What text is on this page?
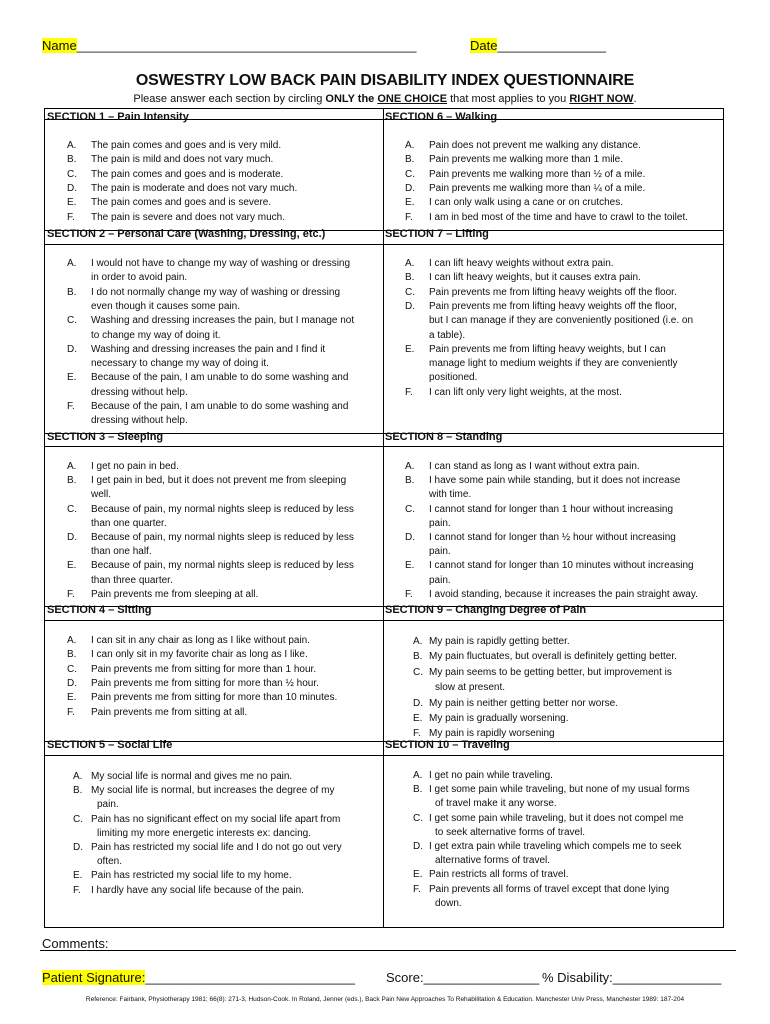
Name_______________________________________________	Date_______________
OSWESTRY LOW BACK PAIN DISABILITY INDEX QUESTIONNAIRE
Please answer each section by circling ONLY the ONE CHOICE that most applies to you RIGHT NOW.
SECTION 1 – Pain Intensity
A. The pain comes and goes and is very mild.
B. The pain is mild and does not vary much.
C. The pain comes and goes and is moderate.
D. The pain is moderate and does not vary much.
E. The pain comes and goes and is severe.
F. The pain is severe and does not vary much.
SECTION 2 – Personal Care (Washing, Dressing, etc.)
A. I would not have to change my way of washing or dressing
in order to avoid pain.
B. I do not normally change my way of washing or dressing
even though it causes some pain.
C. Washing and dressing increases the pain, but I manage not
to change my way of doing it.
D. Washing and dressing increases the pain and I find it
necessary to change my way of doing it.
E. Because of the pain, I am unable to do some washing and
dressing without help.
F. Because of the pain, I am unable to do some washing and
dressing without help.
SECTION 3 – Sleeping
A. I get no pain in bed.
B. I get pain in bed, but it does not prevent me from sleeping
well.
C. Because of pain, my normal nights sleep is reduced by less
than one quarter.
D. Because of pain, my normal nights sleep is reduced by less
than one half.
E. Because of pain, my normal nights sleep is reduced by less
than three quarter.
F. Pain prevents me from sleeping at all.
SECTION 4 – Sitting
A. I can sit in any chair as long as I like without pain.
B. I can only sit in my favorite chair as long as I like.
C. Pain prevents me from sitting for more than 1 hour.
D. Pain prevents me from sitting for more than ½ hour.
E. Pain prevents me from sitting for more than 10 minutes.
F. Pain prevents me from sitting at all.
SECTION 5 – Social Life
A. My social life is normal and gives me no pain.
B. My social life is normal, but increases the degree of my
pain.
C. Pain has no significant effect on my social life apart from
limiting my more energetic interests ex: dancing.
D. Pain has restricted my social life and I do not go out very
often.
E. Pain has restricted my social life to my home.
F. I hardly have any social life because of the pain.
SECTION 6 – Walking
A. Pain does not prevent me walking any distance.
B. Pain prevents me walking more than 1 mile.
C. Pain prevents me walking more than ½ of a mile.
D. Pain prevents me walking more than ¼ of a mile.
E. I can only walk using a cane or on crutches.
F. I am in bed most of the time and have to crawl to the toilet.
SECTION 7 – Lifting
A. I can lift heavy weights without extra pain.
B. I can lift heavy weights, but it causes extra pain.
C. Pain prevents me from lifting heavy weights off the floor.
D. Pain prevents me from lifting heavy weights off the floor,
but I can manage if they are conveniently positioned (i.e. on
a table).
E. Pain prevents me from lifting heavy weights, but I can
manage light to medium weights if they are conveniently
positioned.
F. I can lift only very light weights, at the most.
SECTION 8 – Standing
A. I can stand as long as I want without extra pain.
B. I have some pain while standing, but it does not increase
with time.
C. I cannot stand for longer than 1 hour without increasing
pain.
D. I cannot stand for longer than ½ hour without increasing
pain.
E. I cannot stand for longer than 10 minutes without increasing
pain.
F. I avoid standing, because it increases the pain straight away.
SECTION 9 – Changing Degree of Pain
A. My pain is rapidly getting better.
B. My pain fluctuates, but overall is definitely getting better.
C. My pain seems to be getting better, but improvement is
slow at present.
D. My pain is neither getting better nor worse.
E. My pain is gradually worsening.
F. My pain is rapidly worsening
SECTION 10 – Traveling
A. I get no pain while traveling.
B. I get some pain while traveling, but none of my usual forms
of travel make it any worse.
C. I get some pain while traveling, but it does not compel me
to seek alternative forms of travel.
D. I get extra pain while traveling which compels me to seek
alternative forms of travel.
E. Pain restricts all forms of travel.
F. Pain prevents all forms of travel except that done lying
down.
Comments:
Patient Signature:_____________________________ Score:________________ % Disability:_______________
Reference: Fairbank, Physiotherapy 1981; 66(8): 271-3, Hudson-Cook. In Roland, Jenner (eds.), Back Pain New Approaches To Rehabilitation & Education. Manchester Univ Press, Manchester 1989: 187-204
